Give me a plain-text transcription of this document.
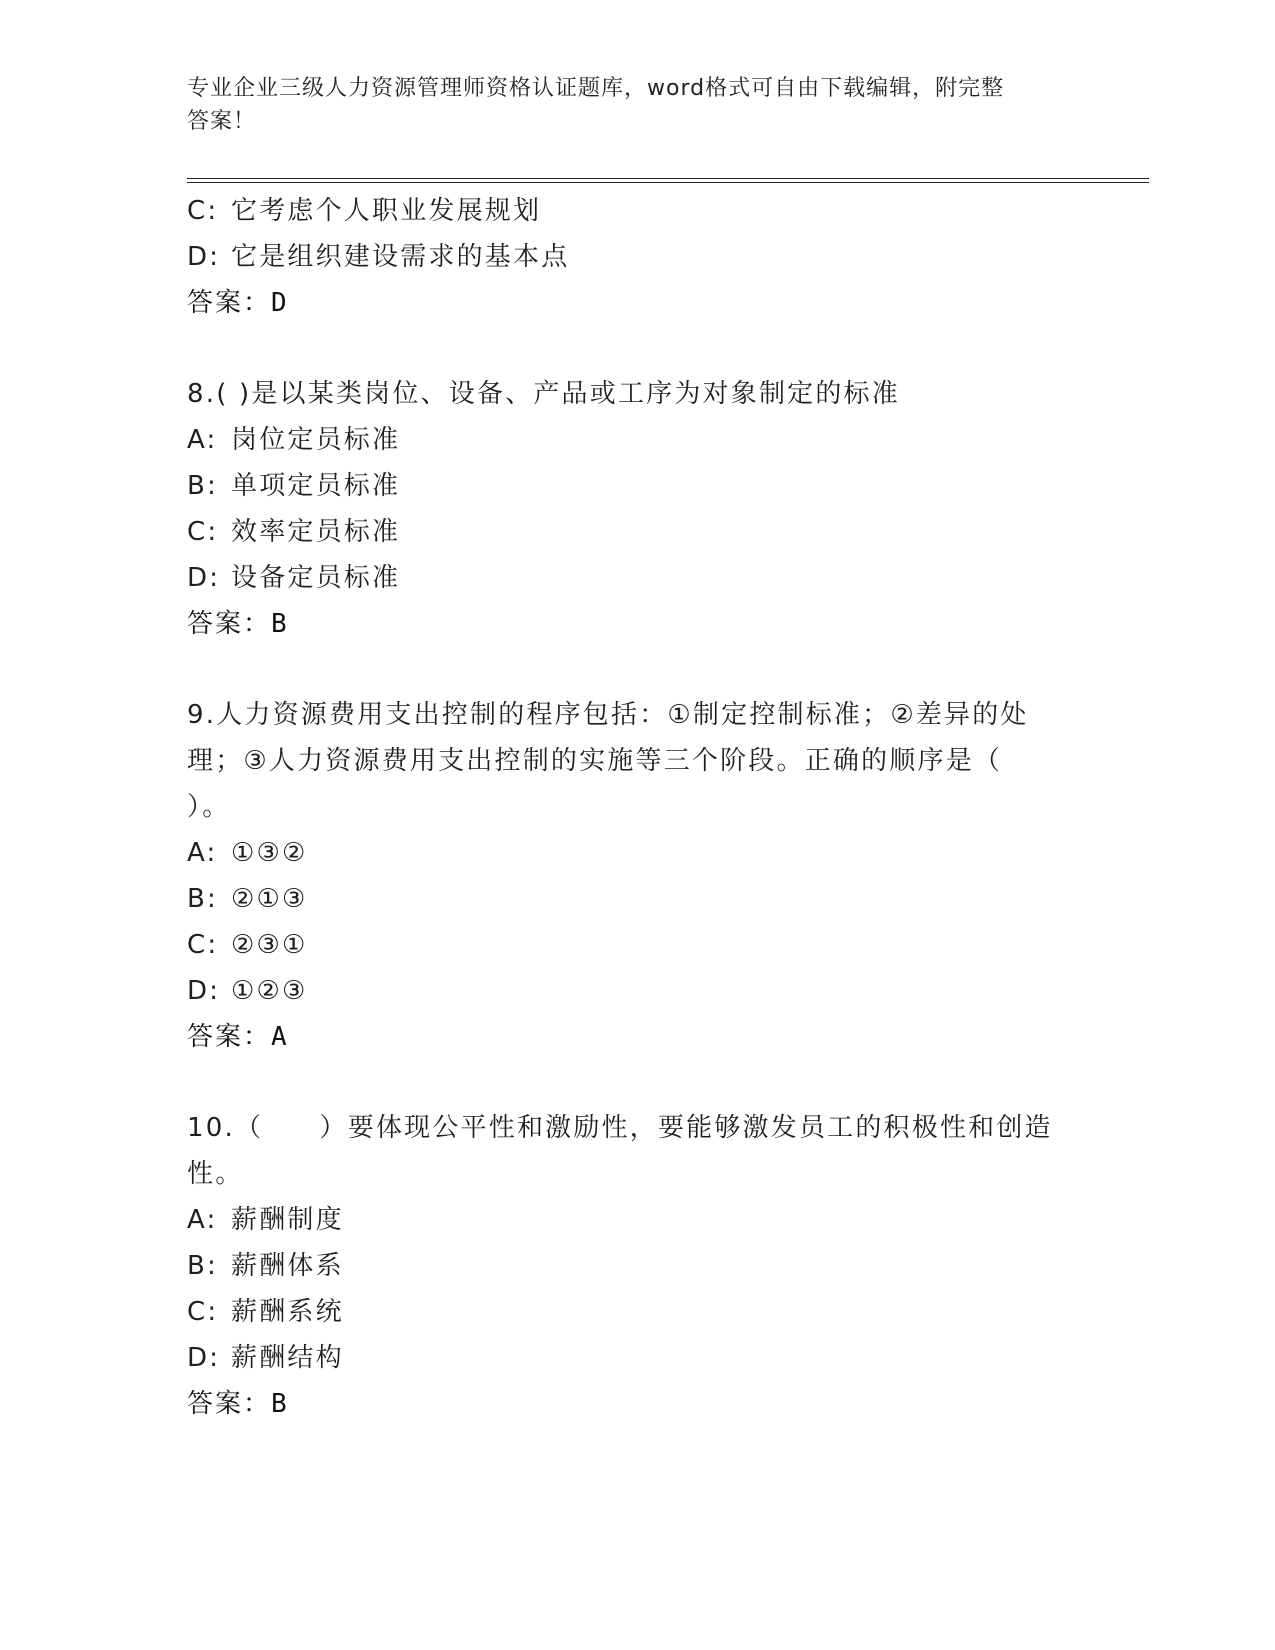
专业企业三级人力资源管理师资格认证题库，word格式可自由下载编辑，附完整
答案！
C: 它考虑个人职业发展规划
D: 它是组织建设需求的基本点
答案：D
8.( )是以某类岗位、设备、产品或工序为对象制定的标准
A: 岗位定员标准
B: 单项定员标准
C: 效率定员标准
D: 设备定员标准
答案：B
9.人力资源费用支出控制的程序包括：①制定控制标准；②差异的处
理；③人力资源费用支出控制的实施等三个阶段。正确的顺序是（
）。
A: ①③②
B: ②①③
C: ②③①
D: ①②③
答案：A
10.（　　）要体现公平性和激励性，要能够激发员工的积极性和创造
性。
A: 薪酬制度
B: 薪酬体系
C: 薪酬系统
D: 薪酬结构
答案：B
